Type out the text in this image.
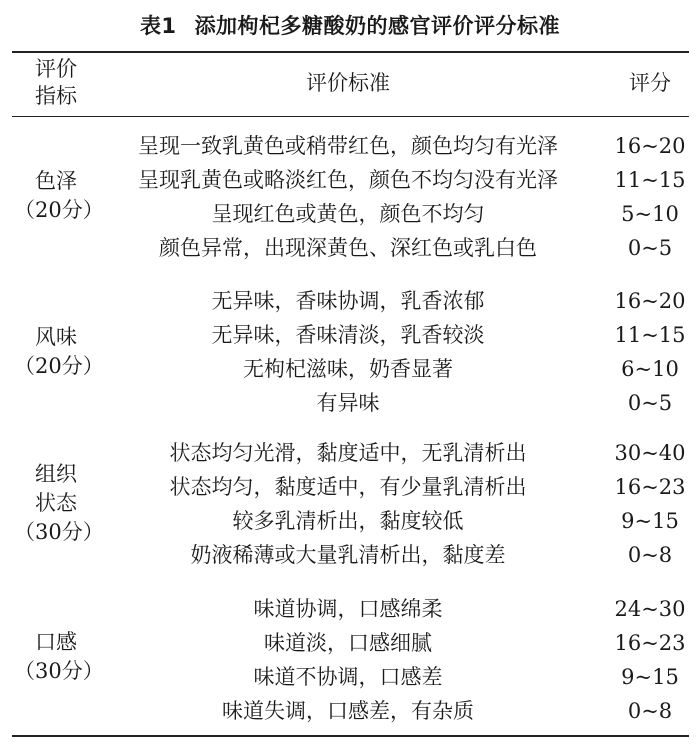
表1 添加枸杞多糖酸奶的感官评价评分标准
评价
指标
评价标准	评分
色泽
（20分）
呈现一致乳黄色或稍带红色，颜色均匀有光泽	16~20
呈现乳黄色或略淡红色，颜色不均匀没有光泽	11~15
呈现红色或黄色，颜色不均匀	5~10
颜色异常，出现深黄色、深红色或乳白色	0~5
风味
（20分）
无异味，香味协调，乳香浓郁	16~20
无异味，香味清淡，乳香较淡	11~15
无枸杞滋味，奶香显著	6~10
有异味	0~5
组织
状态
（30分）
状态均匀光滑，黏度适中，无乳清析出	30~40
状态均匀，黏度适中，有少量乳清析出	16~23
较多乳清析出，黏度较低	9~15
奶液稀薄或大量乳清析出，黏度差	0~8
口感
（30分）
味道协调，口感绵柔	24~30
味道淡，口感细腻	16~23
味道不协调，口感差	9~15
味道失调，口感差，有杂质	0~8
